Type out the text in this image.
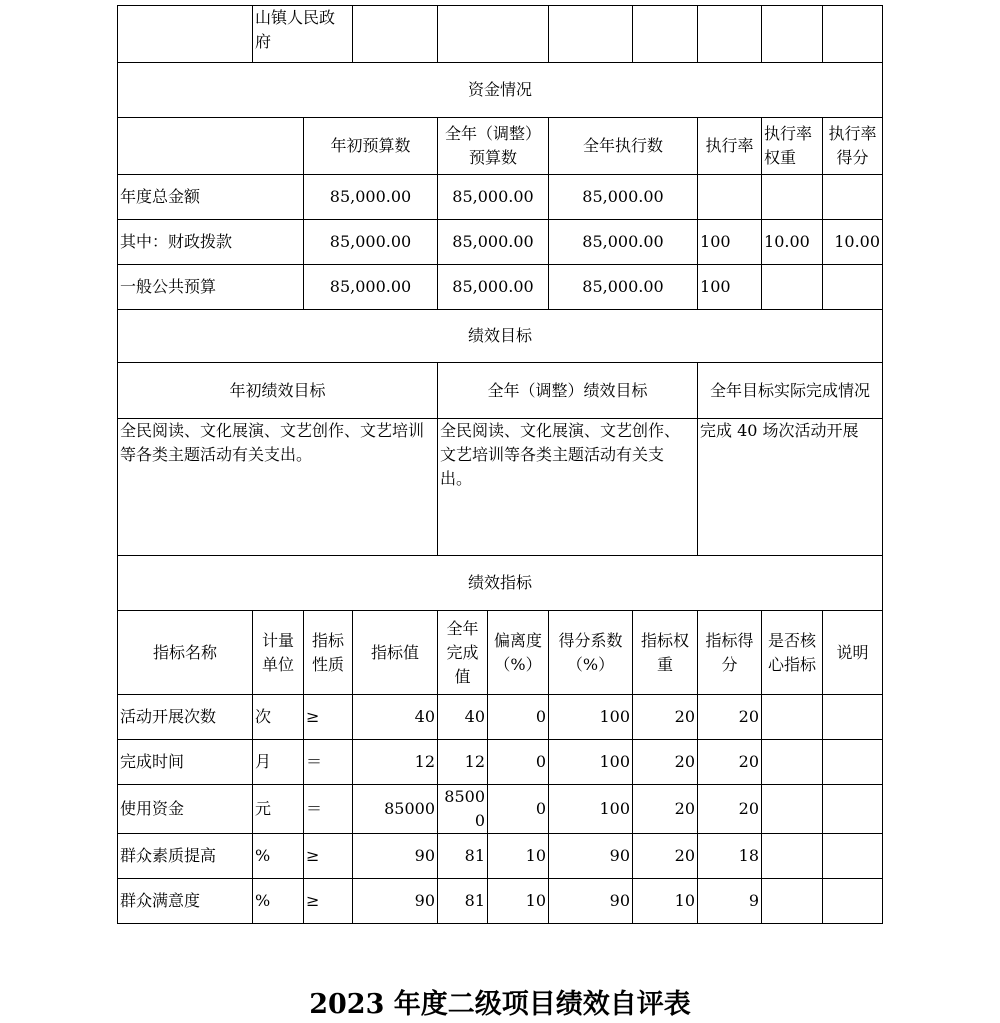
	山镇人民政府									
资金情况										
		年初预算数		全年（调整）预算数		全年执行数		执行率	执行率权重	执行率得分
年度总金额		85,000.00		85,000.00		85,000.00				
其中：财政拨款		85,000.00		85,000.00		85,000.00		100	10.00	10.00
一般公共预算		85,000.00		85,000.00		85,000.00		100		
绩效目标										
年初绩效目标				全年（调整）绩效目标				全年目标实际完成情况		
全民阅读、文化展演、文艺创作、文艺培训等各类主题活动有关支出。				全民阅读、文化展演、文艺创作、文艺培训等各类主题活动有关支出。				完成 40 场次活动开展		
绩效指标										
指标名称	计量单位	指标性质	指标值	全年完成值	偏离度（%）	得分系数（%）	指标权重	指标得分	是否核心指标	说明
活动开展次数	次	≥	40	40	0	100	20	20		
完成时间	月	＝	12	12	0	100	20	20		
使用资金	元	＝	85000	85000	0	100	20	20		
群众素质提高	%	≥	90	81	10	90	20	18		
群众满意度	%	≥	90	81	10	90	10	9		
2023 年度二级项目绩效自评表
